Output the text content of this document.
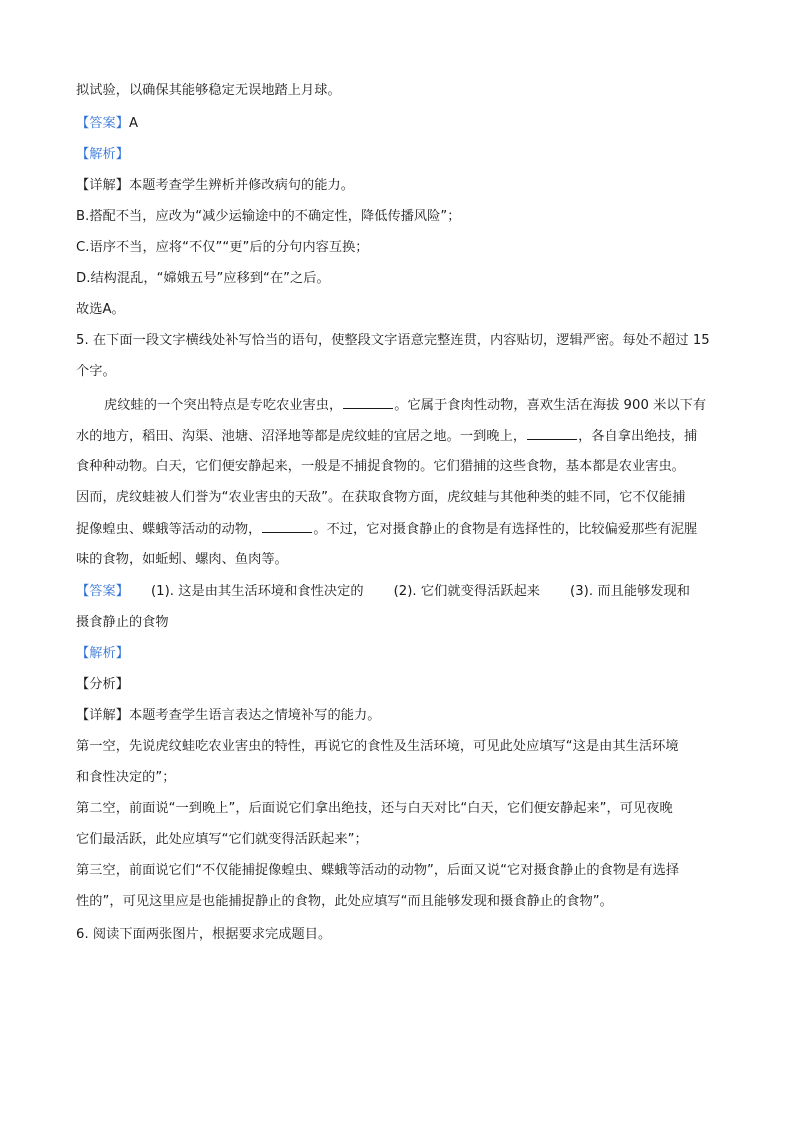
拟试验，以确保其能够稳定无误地踏上月球。
【答案】A
【解析】
【详解】本题考查学生辨析并修改病句的能力。
B.搭配不当，应改为“减少运输途中的不确定性，降低传播风险”；
C.语序不当，应将“不仅”“更”后的分句内容互换；
D.结构混乱，“嫦娥五号”应移到“在”之后。
故选A。
5. 在下面一段文字横线处补写恰当的语句，使整段文字语意完整连贯，内容贴切，逻辑严密。每处不超过 15
个字。
虎纹蛙的一个突出特点是专吃农业害虫，	。它属于食肉性动物，喜欢生活在海拔 900 米以下有
水的地方，稻田、沟渠、池塘、沼泽地等都是虎纹蛙的宜居之地。一到晚上，	，各自拿出绝技，捕
食种种动物。白天，它们便安静起来，一般是不捕捉食物的。它们猎捕的这些食物，基本都是农业害虫。
因而，虎纹蛙被人们誉为“农业害虫的天敌”。在获取食物方面，虎纹蛙与其他种类的蛙不同，它不仅能捕
捉像蝗虫、蝶蛾等活动的动物，	。不过，它对摄食静止的食物是有选择性的，比较偏爱那些有泥腥
味的食物，如蚯蚓、螺肉、鱼肉等。
【答案】 (1). 这是由其生活环境和食性决定的 (2). 它们就变得活跃起来 (3). 而且能够发现和
摄食静止的食物
【解析】
【分析】
【详解】本题考查学生语言表达之情境补写的能力。
第一空，先说虎纹蛙吃农业害虫的特性，再说它的食性及生活环境，可见此处应填写“这是由其生活环境
和食性决定的”；
第二空，前面说“一到晚上”，后面说它们拿出绝技，还与白天对比“白天，它们便安静起来”，可见夜晚
它们最活跃，此处应填写“它们就变得活跃起来”；
第三空，前面说它们“不仅能捕捉像蝗虫、蝶蛾等活动的动物”，后面又说“它对摄食静止的食物是有选择
性的”，可见这里应是也能捕捉静止的食物，此处应填写“而且能够发现和摄食静止的食物”。
6. 阅读下面两张图片，根据要求完成题目。
